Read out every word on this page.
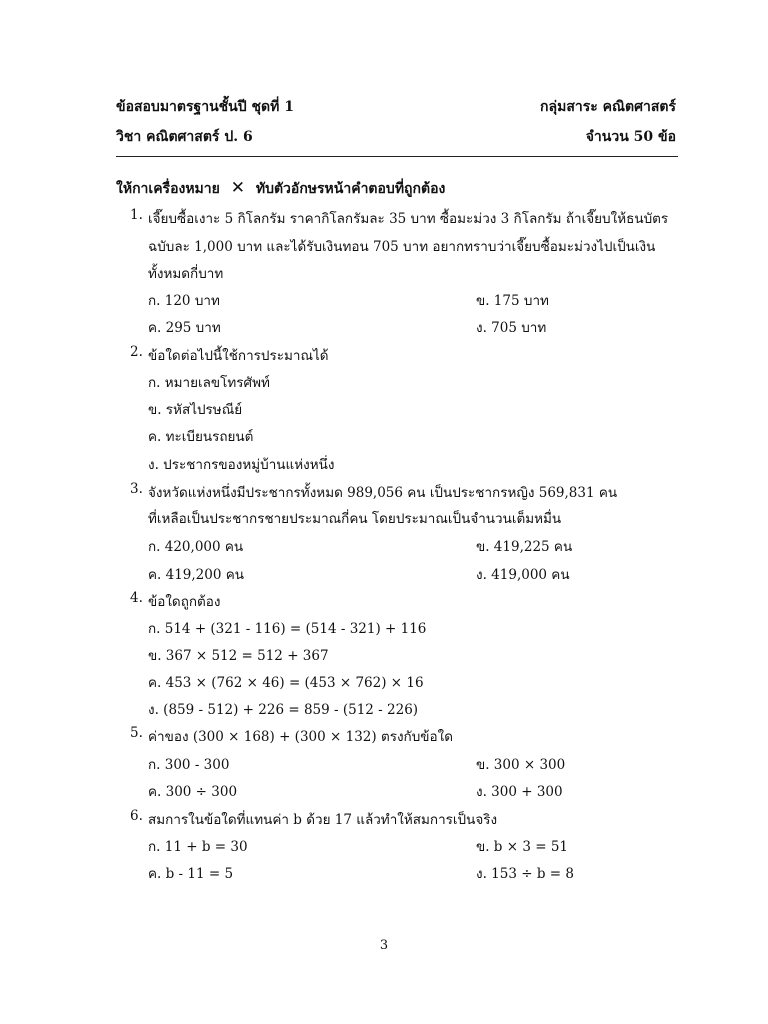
ข้อสอบมาตรฐานชั้นปี ชุดที่ 1	กลุ่มสาระ คณิตศาสตร์
วิชา คณิตศาสตร์ ป. 6	จำนวน 50 ข้อ
ให้กาเครื่องหมาย ✕ ทับตัวอักษรหน้าคำตอบที่ถูกต้อง
1. เจี๊ยบซื้อเงาะ 5 กิโลกรัม ราคากิโลกรัมละ 35 บาท ซื้อมะม่วง 3 กิโลกรัม ถ้าเจี๊ยบให้ธนบัตร
ฉบับละ 1,000 บาท และได้รับเงินทอน 705 บาท อยากทราบว่าเจี๊ยบซื้อมะม่วงไปเป็นเงิน
ทั้งหมดกี่บาท
ก. 120 บาท	ข. 175 บาท
ค. 295 บาท	ง. 705 บาท
2. ข้อใดต่อไปนี้ใช้การประมาณได้
ก. หมายเลขโทรศัพท์
ข. รหัสไปรษณีย์
ค. ทะเบียนรถยนต์
ง. ประชากรของหมู่บ้านแห่งหนึ่ง
3. จังหวัดแห่งหนึ่งมีประชากรทั้งหมด 989,056 คน เป็นประชากรหญิง 569,831 คน
ที่เหลือเป็นประชากรชายประมาณกี่คน โดยประมาณเป็นจำนวนเต็มหมื่น
ก. 420,000 คน	ข. 419,225 คน
ค. 419,200 คน	ง. 419,000 คน
4. ข้อใดถูกต้อง
ก. 514 + (321 - 116) = (514 - 321) + 116
ข. 367 × 512 = 512 + 367
ค. 453 × (762 × 46) = (453 × 762) × 16
ง. (859 - 512) + 226 = 859 - (512 - 226)
5. ค่าของ (300 × 168) + (300 × 132) ตรงกับข้อใด
ก. 300 - 300	ข. 300 × 300
ค. 300 ÷ 300	ง. 300 + 300
6. สมการในข้อใดที่แทนค่า b ด้วย 17 แล้วทำให้สมการเป็นจริง
ก. 11 + b = 30	ข. b × 3 = 51
ค. b - 11 = 5	ง. 153 ÷ b = 8
3
